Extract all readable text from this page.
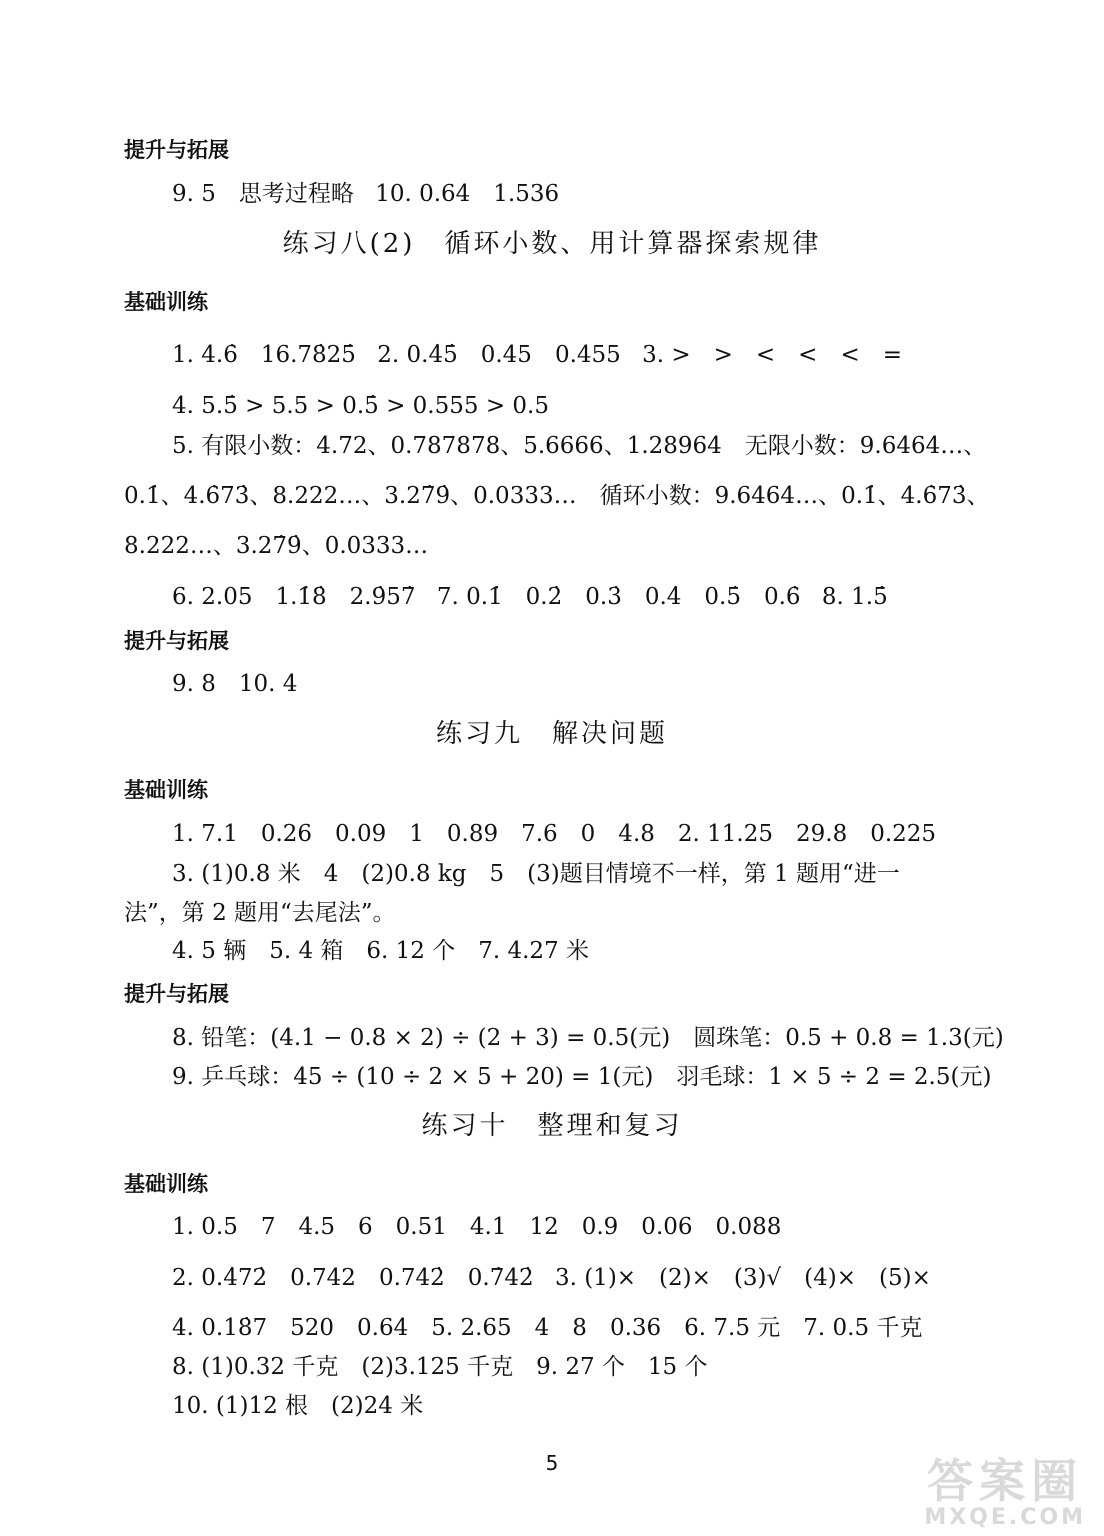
提升与拓展
9. 5　思考过程略 10. 0.64　1.536
练习八(2)　循环小数、用计算器探索规律
基础训练
1. 4.6̇　16.78̇25̇ 2. 0.4̇5̇　0.45　0.455 3. >　>　<　<　<　=
4. 5.5̇ > 5.5 > 0.5̇ > 0.555 > 0.5
5. 有限小数：4.72、0.787878、5.6666、1.28964　无限小数：9.6464…、
0.1̇、4.6̇73̇、8.222…、3.27̇9̇、0.0333…　循环小数：9.6464…、0.1̇、4.6̇73̇、
8.222…、3.27̇9̇、0.0333…
6. 2.05　1.1̇8̇　2.9̇57̇ 7. 0.1̇　0.2̇　0.3̇　0.4̇　0.5̇　0.6̇ 8. 1.5̇
提升与拓展
9. 8　10. 4
练习九　解决问题
基础训练
1. 7.1　0.26　0.09　1　0.89　7.6　0　4.8　2. 11.25　29.8　0.225
3. (1)0.8 米　4　(2)0.8 kg　5　(3)题目情境不一样，第 1 题用“进一
法”，第 2 题用“去尾法”。
4. 5 辆　5. 4 箱　6. 12 个　7. 4.27 米
提升与拓展
8. 铅笔：(4.1 − 0.8 × 2) ÷ (2 + 3) = 0.5(元)　圆珠笔：0.5 + 0.8 = 1.3(元)
9. 乒乓球：45 ÷ (10 ÷ 2 × 5 + 20) = 1(元)　羽毛球：1 × 5 ÷ 2 = 2.5(元)
练习十　整理和复习
基础训练
1. 0.5　7　4.5　6　0.51　4.1　12　0.9　0.06　0.088
2. 0.4̇72̇　0.742　0.742̇　0.7̇42̇ 3. (1)×　(2)×　(3)√　(4)×　(5)×
4. 0.18̇7　520　0.64　5. 2.65　4　8　0.36　6. 7.5 元　7. 0.5 千克
8. (1)0.32 千克　(2)3.125 千克　9. 27 个　15 个
10. (1)12 根　(2)24 米
5	答案圈
MXQE.COM
